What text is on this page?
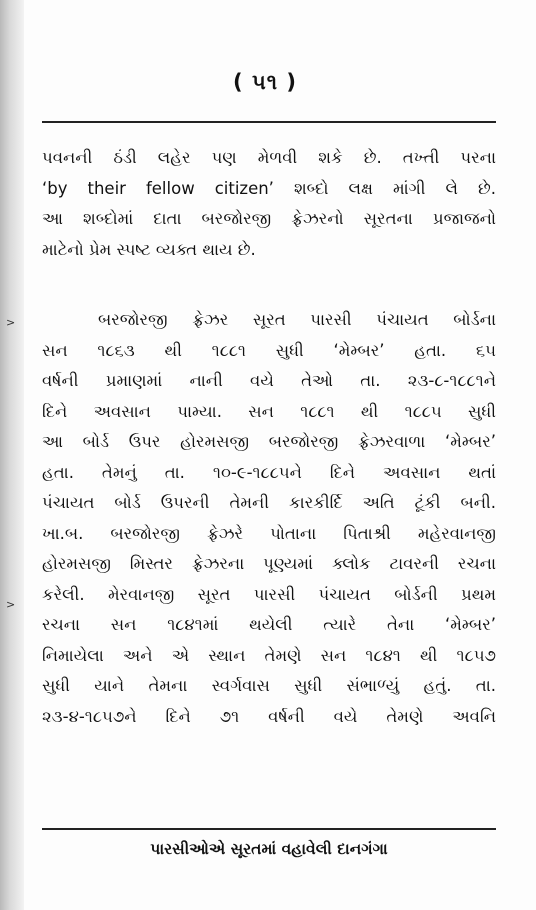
>
>
( ૫૧ )
પવનની ઠંડી લહેર પણ મેળવી શકે છે. તખ્તી પરના
‘by their fellow citizen’ શબ્દો લક્ષ માંગી લે છે.
આ શબ્દોમાં દાતા બરજોરજી ફ્રેઝરનો સૂરતના પ્રજાજનો
માટેનો પ્રેમ સ્પષ્ટ વ્યક્ત થાય છે.
બરજોરજી ફ્રેઝર સૂરત પારસી પંચાયત બોર્ડના
સન ૧૮૬૩ થી ૧૮૮૧ સુધી ‘મેમ્બર’ હતા. ૬૫
વર્ષની પ્રમાણમાં નાની વયે તેઓ તા. ૨૩-૮-૧૮૮૧ને
દિને અવસાન પામ્યા. સન ૧૮૮૧ થી ૧૮૮૫ સુધી
આ બોર્ડ ઉપર હોરમસજી બરજોરજી ફ્રેઝરવાળા ‘મેમ્બર’
હતા. તેમનું તા. ૧૦-૯-૧૮૮૫ને દિને અવસાન થતાં
પંચાયત બોર્ડ ઉપરની તેમની કારકીર્દિ અતિ ટૂંકી બની.
ખા.બ. બરજોરજી ફ્રેઝરે પોતાના પિતાશ્રી મહેરવાનજી
હોરમસજી મિસ્તર ફ્રેઝરના પૂણ્યમાં ક્લોક ટાવરની રચના
કરેલી. મેરવાનજી સૂરત પારસી પંચાયત બોર્ડની પ્રથમ
રચના સન ૧૮૪૧માં થયેલી ત્યારે તેના ‘મેમ્બર’
નિમાયેલા અને એ સ્થાન તેમણે સન ૧૮૪૧ થી ૧૮૫૭
સુધી યાને તેમના સ્વર્ગવાસ સુધી સંભાળ્યું હતું. તા.
૨૩-૪-૧૮૫૭ને દિને ૭૧ વર્ષની વયે તેમણે અવનિ
પારસીઓએ સૂરતમાં વહાવેલી દાનગંગા
